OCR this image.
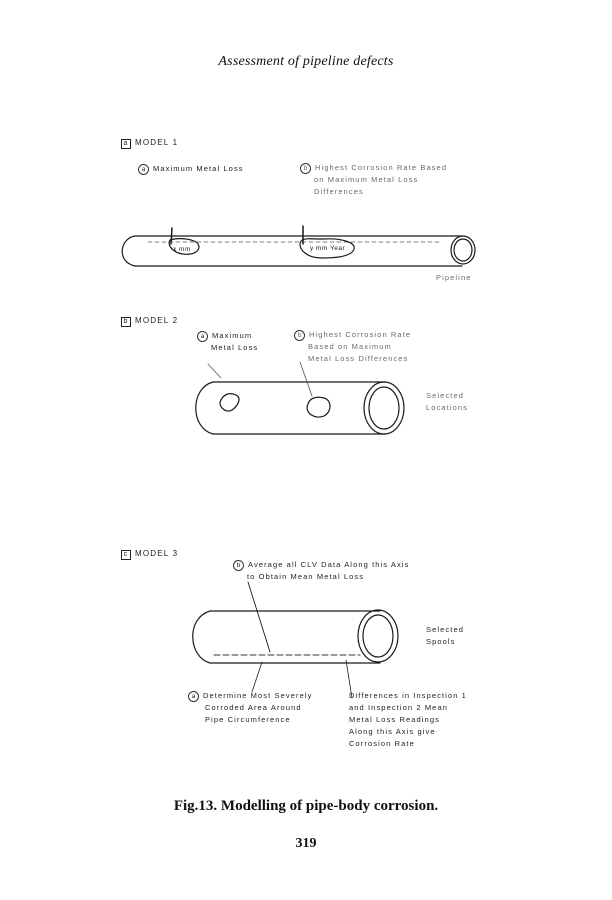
Assessment of pipeline defects
a MODEL 1
a Maximum Metal Loss	b Highest Corrosion Rate Based
on Maximum Metal Loss
Differences
x mm	y mm Year
Pipeline
b MODEL 2
a Maximum
Metal Loss
b Highest Corrosion Rate
Based on Maximum
Metal Loss Differences
Selected
Locations
c MODEL 3
b Average all CLV Data Along this Axis
to Obtain Mean Metal Loss
Selected
Spools
a Determine Most Severely
Corroded Area Around
Pipe Circumference
Differences in Inspection 1
and Inspection 2 Mean
Metal Loss Readings
Along this Axis give
Corrosion Rate
Fig.13. Modelling of pipe-body corrosion.
319
